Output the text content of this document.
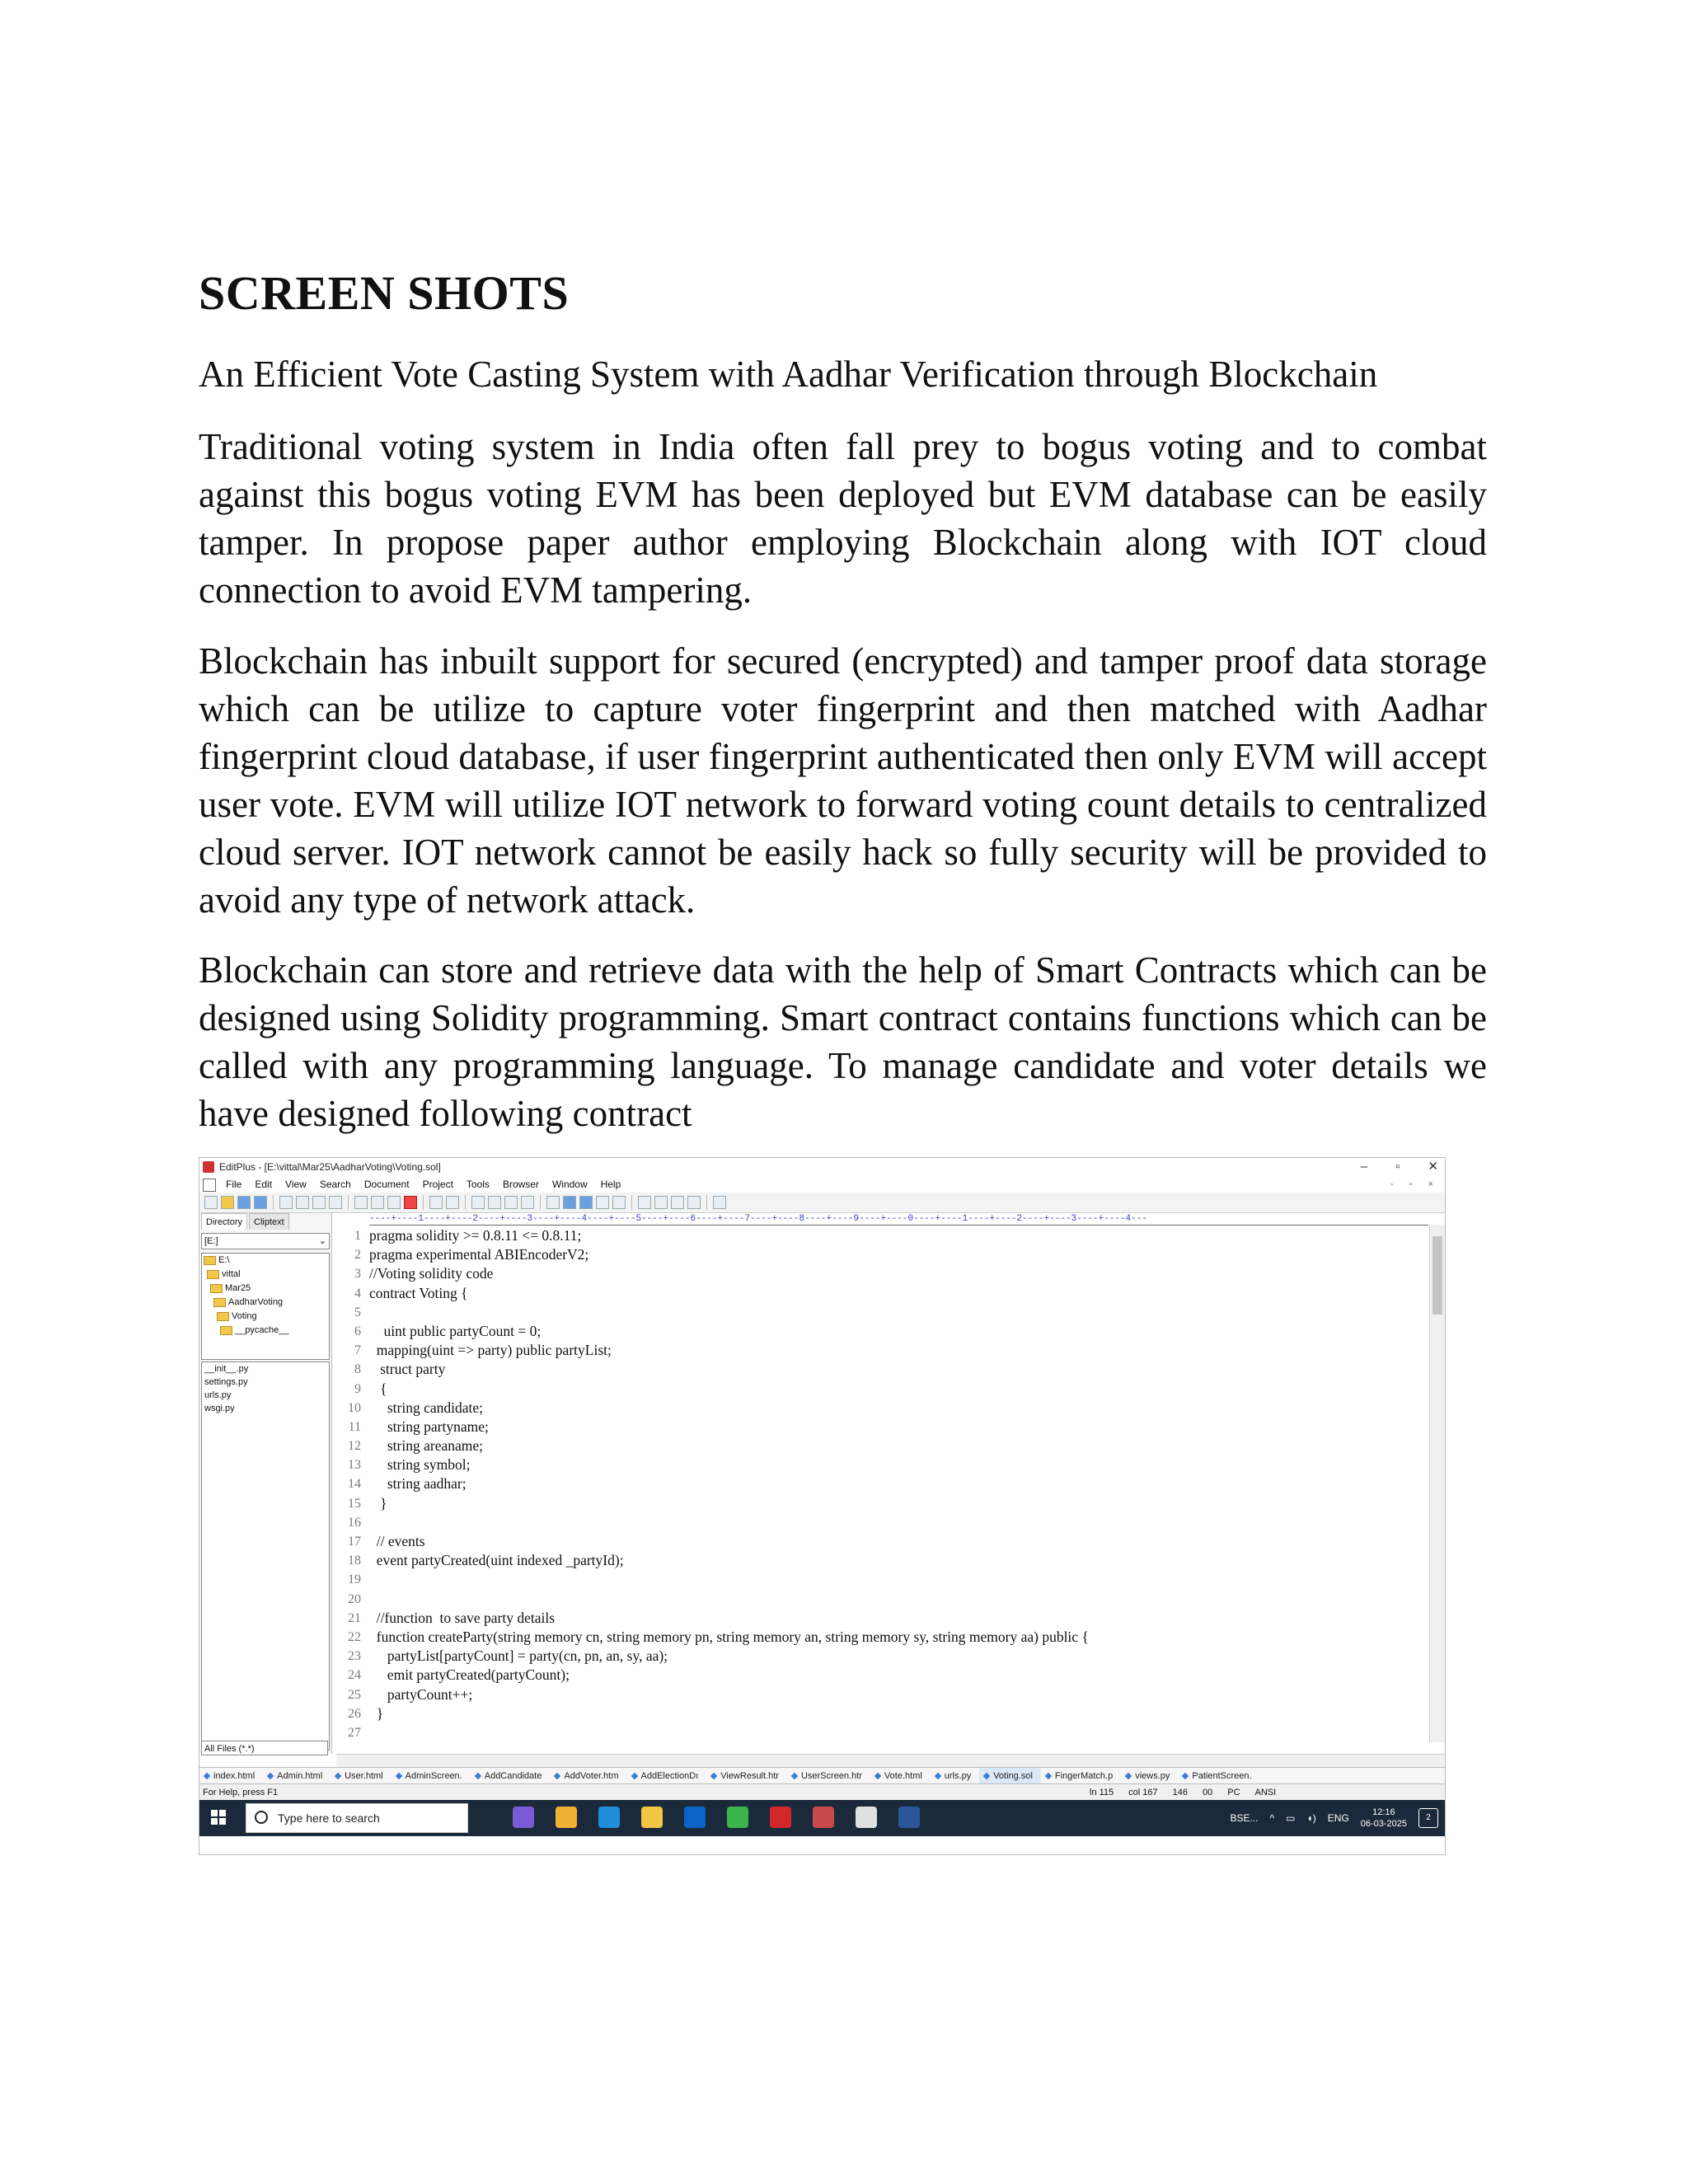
SCREEN SHOTS

An Efficient Vote Casting System with Aadhar Verification through Blockchain

Traditional voting system in India often fall prey to bogus voting and to combat against this bogus voting EVM has been deployed but EVM database can be easily tamper. In propose paper author employing Blockchain along with IOT cloud connection to avoid EVM tampering.

Blockchain has inbuilt support for secured (encrypted) and tamper proof data storage which can be utilize to capture voter fingerprint and then matched with Aadhar fingerprint cloud database, if user fingerprint authenticated then only EVM will accept user vote. EVM will utilize IOT network to forward voting count details to centralized cloud server. IOT network cannot be easily hack so fully security will be provided to avoid any type of network attack.

Blockchain can store and retrieve data with the help of Smart Contracts which can be designed using Solidity programming. Smart contract contains functions which can be called with any programming language. To manage candidate and voter details we have designed following contract

EditPlus - [E:\vittal\Mar25\AadharVoting\Voting.sol]	– ▫ ✕
File	Edit	View	Search	Document	Project	Tools	Browser	Window	Help	- ▫ ×
Directory	Cliptext
[E:]	⌄
E:\
vittal
Mar25
AadharVoting
Voting
__pycache__
__init__.py
settings.py
urls.py
wsgi.py
All Files (*.*)
----+----1----+----2----+----3----+----4----+----5----+----6----+----7----+----8----+----9----+----0----+----1----+----2----+----3----+----4---
1 pragma solidity >= 0.8.11 <= 0.8.11;
2 pragma experimental ABIEncoderV2;
3 //Voting solidity code
4 contract Voting {
5
6 uint public partyCount = 0;
7 mapping(uint => party) public partyList;
8 struct party
9 {
10 string candidate;
11 string partyname;
12 string areaname;
13 string symbol;
14 string aadhar;
15 }
16
17 // events
18 event partyCreated(uint indexed _partyId);
19
20
21 //function  to save party details
22 function createParty(string memory cn, string memory pn, string memory an, string memory sy, string memory aa) public {
23 partyList[partyCount] = party(cn, pn, an, sy, aa);
24 emit partyCreated(partyCount);
25 partyCount++;
26 }
27
index.html	Admin.html	User.html	AdminScreen.	AddCandidate	AddVoter.htm	AddElectionDı	ViewResult.htr	UserScreen.htr	Vote.html	urls.py	Voting.sol	FingerMatch.p	views.py	PatientScreen.
For Help, press F1	ln 115 col 167 146 00 PC ANSI
Type here to search	BSE... ^ ▭ ◖) ENG	12:16
06-03-2025
2
